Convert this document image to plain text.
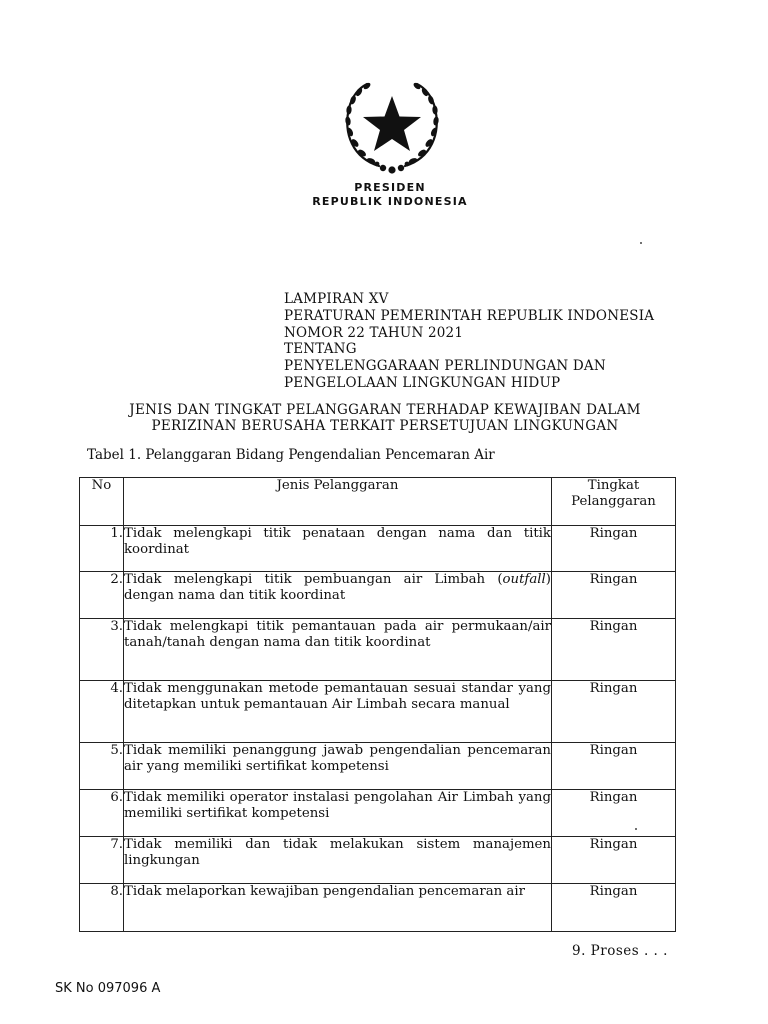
PRESIDEN
REPUBLIK INDONESIA
LAMPIRAN XV
PERATURAN PEMERINTAH REPUBLIK INDONESIA
NOMOR 22 TAHUN 2021
TENTANG
PENYELENGGARAAN PERLINDUNGAN DAN
PENGELOLAAN LINGKUNGAN HIDUP
JENIS DAN TINGKAT PELANGGARAN TERHADAP KEWAJIBAN DALAM
PERIZINAN BERUSAHA TERKAIT PERSETUJUAN LINGKUNGAN
Tabel 1. Pelanggaran Bidang Pengendalian Pencemaran Air
No	Jenis Pelanggaran	Tingkat
Pelanggaran

1.	Tidak melengkapi titik penataan dengan nama dan titik koordinat	Ringan
2.	Tidak melengkapi titik pembuangan air Limbah (outfall) dengan nama dan titik koordinat	Ringan
3.	Tidak melengkapi titik pemantauan pada air permukaan/air tanah/tanah dengan nama dan titik koordinat	Ringan
4.	Tidak menggunakan metode pemantauan sesuai standar yang ditetapkan untuk pemantauan Air Limbah secara manual	Ringan
5.	Tidak memiliki penanggung jawab pengendalian pencemaran air yang memiliki sertifikat kompetensi	Ringan
6.	Tidak memiliki operator instalasi pengolahan Air Limbah yang memiliki sertifikat kompetensi	Ringan
7.	Tidak memiliki dan tidak melakukan sistem manajemen lingkungan	Ringan
8.	Tidak melaporkan kewajiban pengendalian pencemaran air	Ringan
9. Proses . . .
SK No 097096 A
